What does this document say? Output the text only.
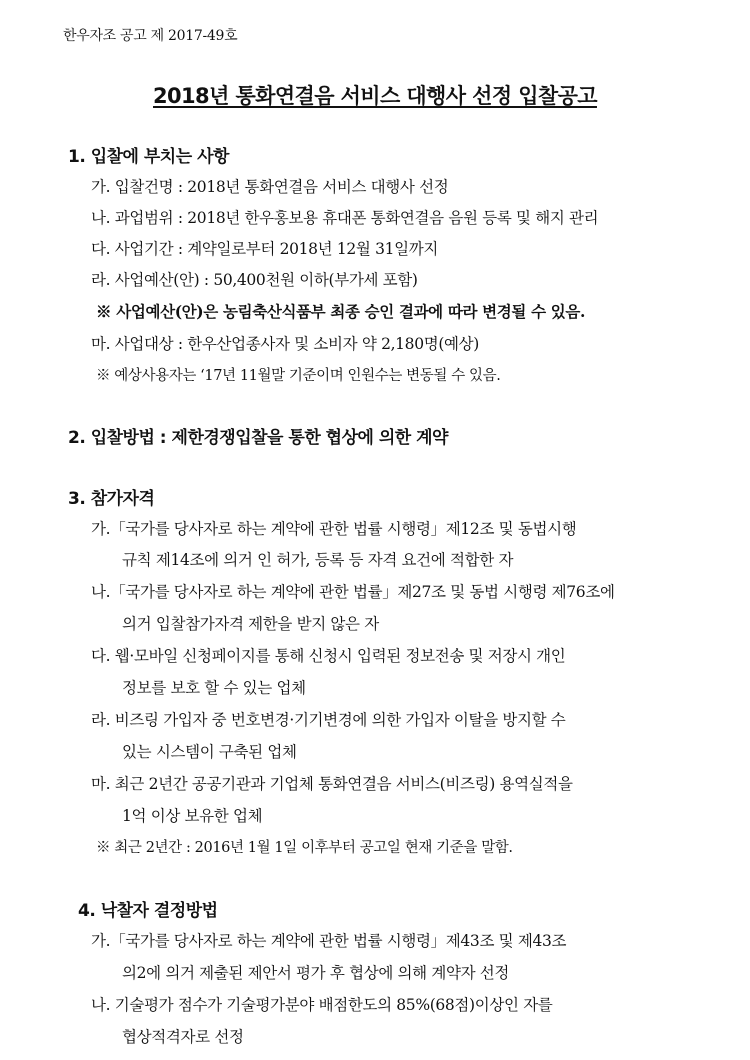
한우자조 공고 제 2017-49호
2018년 통화연결음 서비스 대행사 선정 입찰공고
1. 입찰에 부치는 사항
가. 입찰건명 : 2018년 통화연결음 서비스 대행사 선정
나. 과업범위 : 2018년 한우홍보용 휴대폰 통화연결음 음원 등록 및 해지 관리
다. 사업기간 : 계약일로부터 2018년 12월 31일까지
라. 사업예산(안) : 50,400천원 이하(부가세 포함)
※ 사업예산(안)은 농림축산식품부 최종 승인 결과에 따라 변경될 수 있음.
마. 사업대상 : 한우산업종사자 및 소비자 약 2,180명(예상)
※ 예상사용자는 ‘17년 11월말 기준이며 인원수는 변동될 수 있음.
2. 입찰방법 : 제한경쟁입찰을 통한 협상에 의한 계약
3. 참가자격
가.「국가를 당사자로 하는 계약에 관한 법률 시행령」제12조 및 동법시행
규칙 제14조에 의거 인 허가, 등록 등 자격 요건에 적합한 자
나.「국가를 당사자로 하는 계약에 관한 법률」제27조 및 동법 시행령 제76조에
의거 입찰참가자격 제한을 받지 않은 자
다. 웹·모바일 신청페이지를 통해 신청시 입력된 정보전송 및 저장시 개인
정보를 보호 할 수 있는 업체
라. 비즈링 가입자 중 번호변경·기기변경에 의한 가입자 이탈을 방지할 수
있는 시스템이 구축된 업체
마. 최근 2년간 공공기관과 기업체 통화연결음 서비스(비즈링) 용역실적을
1억 이상 보유한 업체
※ 최근 2년간 : 2016년 1월 1일 이후부터 공고일 현재 기준을 말함.
4. 낙찰자 결정방법
가.「국가를 당사자로 하는 계약에 관한 법률 시행령」제43조 및 제43조
의2에 의거 제출된 제안서 평가 후 협상에 의해 계약자 선정
나. 기술평가 점수가 기술평가분야 배점한도의 85%(68점)이상인 자를
협상적격자로 선정
